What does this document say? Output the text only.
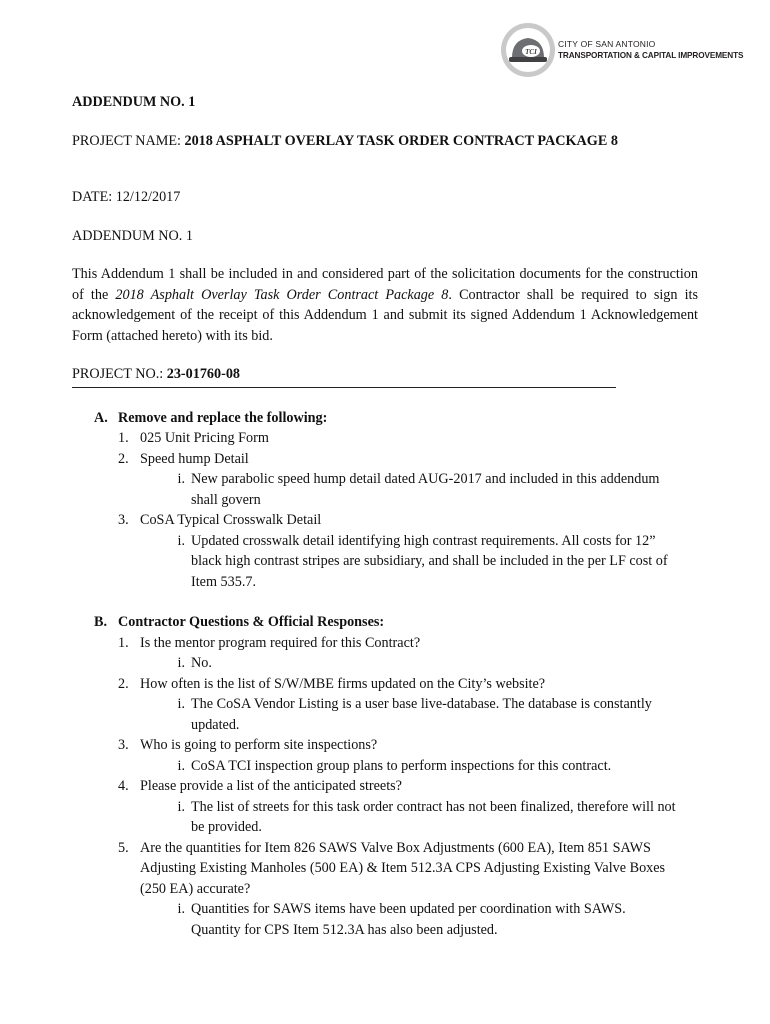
TCI
CITY OF SAN ANTONIO
TRANSPORTATION & CAPITAL IMPROVEMENTS

ADDENDUM NO. 1

PROJECT NAME: 2018 ASPHALT OVERLAY TASK ORDER CONTRACT PACKAGE 8

DATE: 12/12/2017

ADDENDUM NO. 1

This Addendum 1 shall be included in and considered part of the solicitation documents for the construction of the 2018 Asphalt Overlay Task Order Contract Package 8. Contractor shall be required to sign its acknowledgement of the receipt of this Addendum 1 and submit its signed Addendum 1 Acknowledgement Form (attached hereto) with its bid.

PROJECT NO.: 23-01760-08

A. Remove and replace the following:
1. 025 Unit Pricing Form
2. Speed hump Detail
i. New parabolic speed hump detail dated AUG-2017 and included in this addendum shall govern
3. CoSA Typical Crosswalk Detail
i. Updated crosswalk detail identifying high contrast requirements. All costs for 12” black high contrast stripes are subsidiary, and shall be included in the per LF cost of Item 535.7.
B. Contractor Questions & Official Responses:
1. Is the mentor program required for this Contract?
i. No.
2. How often is the list of S/W/MBE firms updated on the City’s website?
i. The CoSA Vendor Listing is a user base live-database. The database is constantly updated.
3. Who is going to perform site inspections?
i. CoSA TCI inspection group plans to perform inspections for this contract.
4. Please provide a list of the anticipated streets?
i. The list of streets for this task order contract has not been finalized, therefore will not be provided.
5. Are the quantities for Item 826 SAWS Valve Box Adjustments (600 EA), Item 851 SAWS Adjusting Existing Manholes (500 EA) & Item 512.3A CPS Adjusting Existing Valve Boxes (250 EA) accurate?
i. Quantities for SAWS items have been updated per coordination with SAWS. Quantity for CPS Item 512.3A has also been adjusted.
